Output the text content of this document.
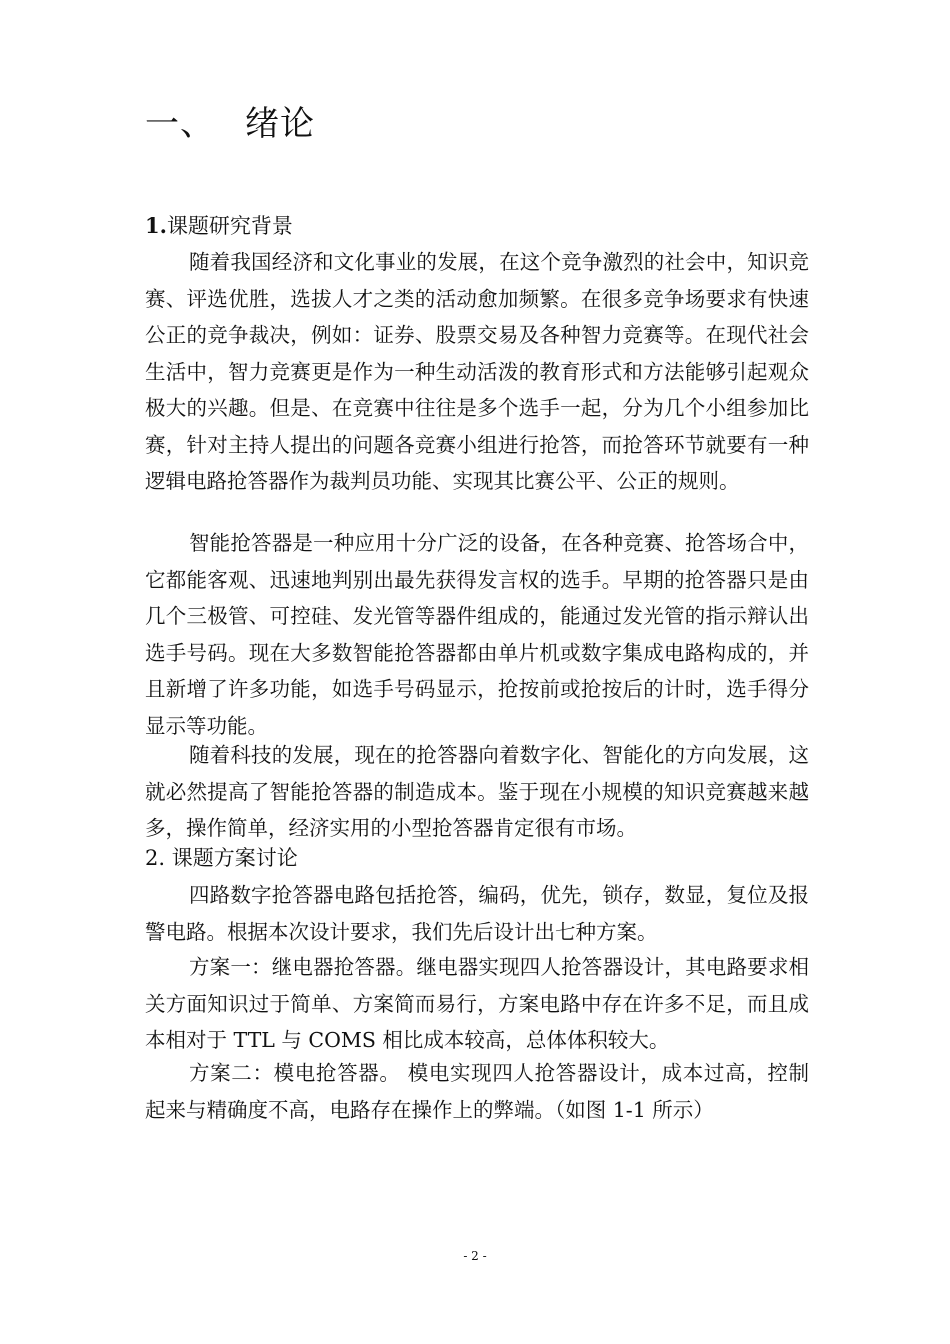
一、 绪论
1.课题研究背景

随着我国经济和文化事业的发展，在这个竞争激烈的社会中，知识竞赛、评选优胜，选拔人才之类的活动愈加频繁。在很多竞争场要求有快速公正的竞争裁决，例如：证券、股票交易及各种智力竞赛等。在现代社会生活中，智力竞赛更是作为一种生动活泼的教育形式和方法能够引起观众极大的兴趣。但是、在竞赛中往往是多个选手一起，分为几个小组参加比赛，针对主持人提出的问题各竞赛小组进行抢答，而抢答环节就要有一种逻辑电路抢答器作为裁判员功能、实现其比赛公平、公正的规则。

智能抢答器是一种应用十分广泛的设备，在各种竞赛、抢答场合中，它都能客观、迅速地判别出最先获得发言权的选手。早期的抢答器只是由几个三极管、可控硅、发光管等器件组成的，能通过发光管的指示辩认出选手号码。现在大多数智能抢答器都由单片机或数字集成电路构成的，并且新增了许多功能，如选手号码显示，抢按前或抢按后的计时，选手得分显示等功能。

随着科技的发展，现在的抢答器向着数字化、智能化的方向发展，这就必然提高了智能抢答器的制造成本。鉴于现在小规模的知识竞赛越来越多，操作简单，经济实用的小型抢答器肯定很有市场。

2. 课题方案讨论

四路数字抢答器电路包括抢答，编码，优先，锁存，数显，复位及报警电路。根据本次设计要求，我们先后设计出七种方案。

方案一：继电器抢答器。继电器实现四人抢答器设计，其电路要求相关方面知识过于简单、方案简而易行，方案电路中存在许多不足，而且成本相对于 TTL 与 COMS 相比成本较高，总体体积较大。

方案二：模电抢答器。 模电实现四人抢答器设计，成本过高，控制起来与精确度不高，电路存在操作上的弊端。（如图 1-1 所示）

- 2 -
